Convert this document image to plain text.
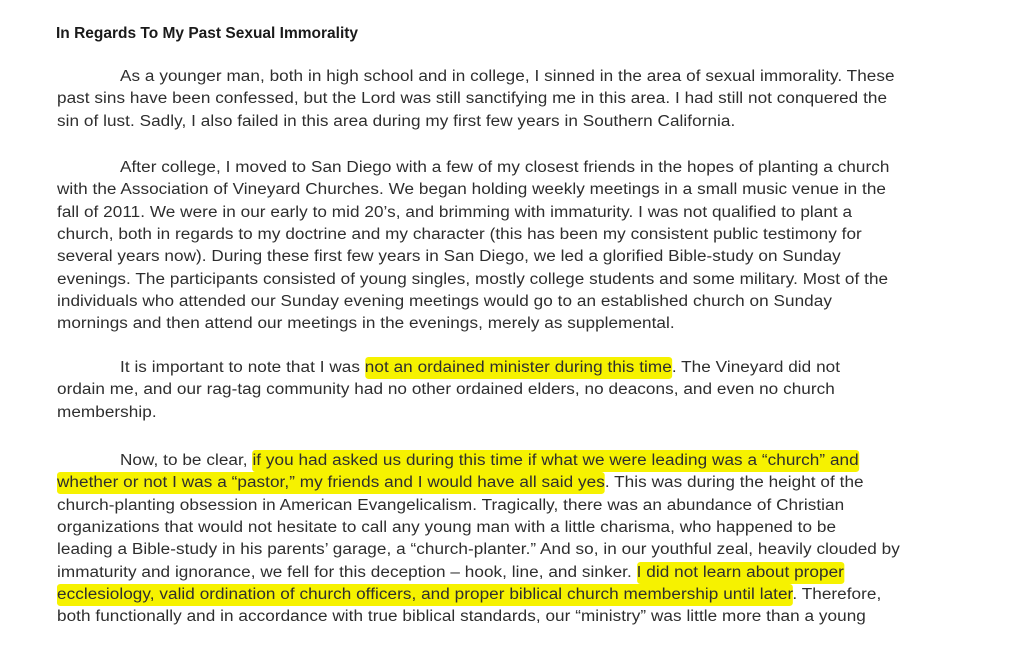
In Regards To My Past Sexual Immorality
As a younger man, both in high school and in college, I sinned in the area of sexual immorality. These
past sins have been confessed, but the Lord was still sanctifying me in this area. I had still not conquered the
sin of lust. Sadly, I also failed in this area during my first few years in Southern California.
After college, I moved to San Diego with a few of my closest friends in the hopes of planting a church
with the Association of Vineyard Churches. We began holding weekly meetings in a small music venue in the
fall of 2011. We were in our early to mid 20’s, and brimming with immaturity. I was not qualified to plant a
church, both in regards to my doctrine and my character (this has been my consistent public testimony for
several years now). During these first few years in San Diego, we led a glorified Bible-study on Sunday
evenings. The participants consisted of young singles, mostly college students and some military. Most of the
individuals who attended our Sunday evening meetings would go to an established church on Sunday
mornings and then attend our meetings in the evenings, merely as supplemental.
It is important to note that I was not an ordained minister during this time. The Vineyard did not
ordain me, and our rag-tag community had no other ordained elders, no deacons, and even no church
membership.
Now, to be clear, if you had asked us during this time if what we were leading was a “church” and
whether or not I was a “pastor,” my friends and I would have all said yes. This was during the height of the
church-planting obsession in American Evangelicalism. Tragically, there was an abundance of Christian
organizations that would not hesitate to call any young man with a little charisma, who happened to be
leading a Bible-study in his parents’ garage, a “church-planter.” And so, in our youthful zeal, heavily clouded by
immaturity and ignorance, we fell for this deception – hook, line, and sinker. I did not learn about proper
ecclesiology, valid ordination of church officers, and proper biblical church membership until later. Therefore,
both functionally and in accordance with true biblical standards, our “ministry” was little more than a young
